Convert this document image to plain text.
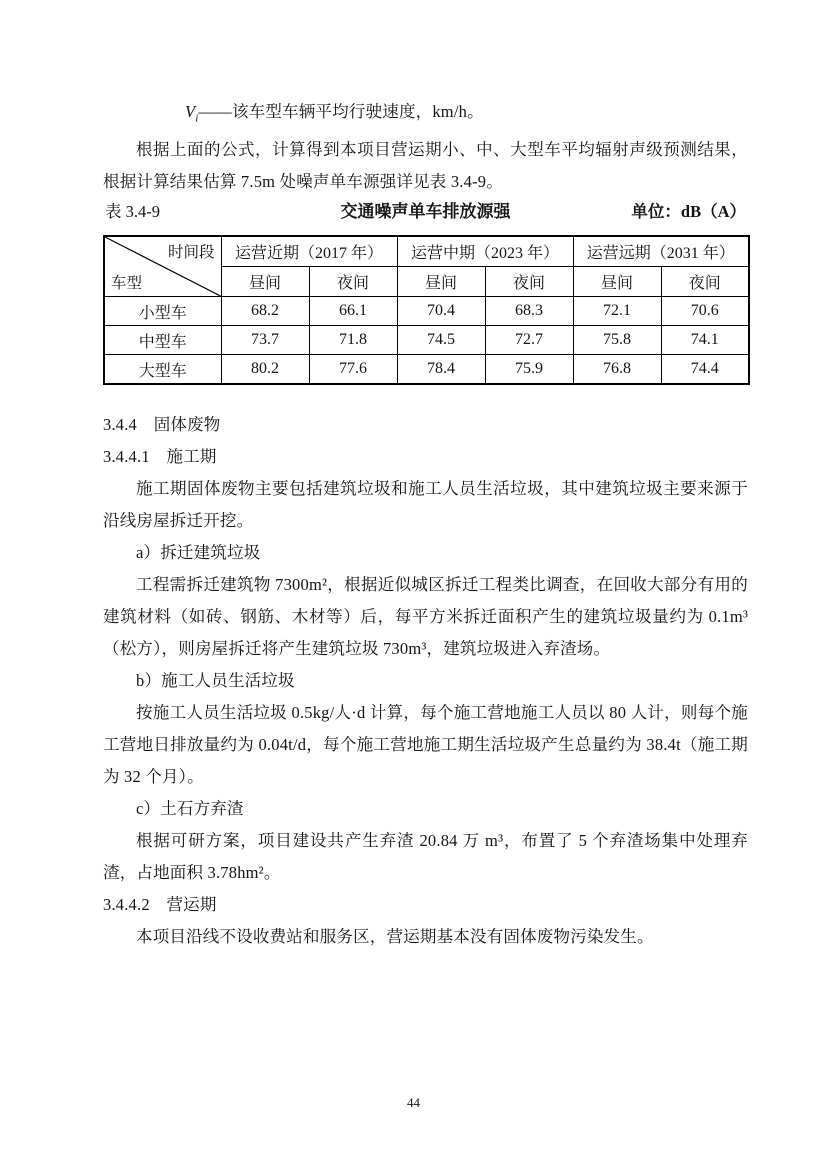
$V_i——$该车型车辆平均行驶速度，km/h。

根据上面的公式，计算得到本项目营运期小、中、大型车平均辐射声级预测结果，根据计算结果估算 7.5m 处噪声单车源强详见表 3.4-9。

表 3.4-9	交通噪声单车排放源强	单位：dB（A）
时间段
车型	运营近期（2017 年）		运营中期（2023 年）		运营远期（2031 年）	
	昼间	夜间	昼间	夜间	昼间	夜间
小型车	68.2	66.1	70.4	68.3	72.1	70.6
中型车	73.7	71.8	74.5	72.7	75.8	74.1
大型车	80.2	77.6	78.4	75.9	76.8	74.4

3.4.4　固体废物

3.4.4.1　施工期

施工期固体废物主要包括建筑垃圾和施工人员生活垃圾，其中建筑垃圾主要来源于沿线房屋拆迁开挖。

a）拆迁建筑垃圾

工程需拆迁建筑物 7300m²，根据近似城区拆迁工程类比调查，在回收大部分有用的建筑材料（如砖、钢筋、木材等）后，每平方米拆迁面积产生的建筑垃圾量约为 0.1m³（松方），则房屋拆迁将产生建筑垃圾 730m³，建筑垃圾进入弃渣场。

b）施工人员生活垃圾

按施工人员生活垃圾 0.5kg/人·d 计算，每个施工营地施工人员以 80 人计，则每个施工营地日排放量约为 0.04t/d，每个施工营地施工期生活垃圾产生总量约为 38.4t（施工期为 32 个月）。

c）土石方弃渣

根据可研方案，项目建设共产生弃渣 20.84 万 m³，布置了 5 个弃渣场集中处理弃渣，占地面积 3.78hm²。

3.4.4.2　营运期

本项目沿线不设收费站和服务区，营运期基本没有固体废物污染发生。

44
